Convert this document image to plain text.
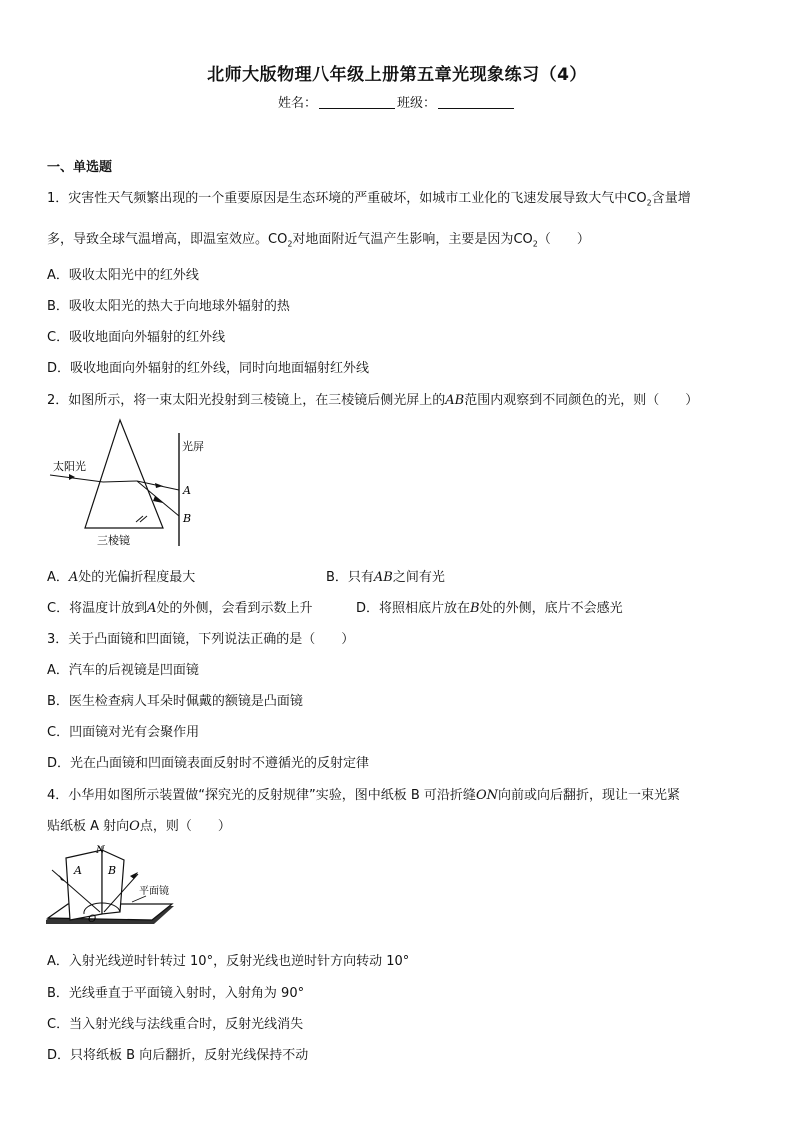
北师大版物理八年级上册第五章光现象练习（4）
姓名：	班级：
一、单选题
1．灾害性天气频繁出现的一个重要原因是生态环境的严重破坏，如城市工业化的飞速发展导致大气中$CO_2$含量增
多，导致全球气温增高，即温室效应。$CO_2$对地面附近气温产生影响，主要是因为$CO_2$（　　）
A．吸收太阳光中的红外线
B．吸收太阳光的热大于向地球外辐射的热
C．吸收地面向外辐射的红外线
D．吸收地面向外辐射的红外线，同时向地面辐射红外线
2．如图所示，将一束太阳光投射到三棱镜上，在三棱镜后侧光屏上的AB范围内观察到不同颜色的光，则（　　）
太阳光
光屏
A
B
三棱镜
A．A处的光偏折程度最大	B．只有AB之间有光
C．将温度计放到A处的外侧，会看到示数上升	D．将照相底片放在B处的外侧，底片不会感光
3．关于凸面镜和凹面镜，下列说法正确的是（　　）
A．汽车的后视镜是凹面镜
B．医生检查病人耳朵时佩戴的额镜是凸面镜
C．凹面镜对光有会聚作用
D．光在凸面镜和凹面镜表面反射时不遵循光的反射定律
4．小华用如图所示装置做“探究光的反射规律”实验，图中纸板 B 可沿折缝ON向前或向后翻折，现让一束光紧
贴纸板 A 射向O点，则（　　）
N
A B
O
平面镜
A．入射光线逆时针转过 10°，反射光线也逆时针方向转动 10°
B．光线垂直于平面镜入射时，入射角为 90°
C．当入射光线与法线重合时，反射光线消失
D．只将纸板 B 向后翻折，反射光线保持不动
